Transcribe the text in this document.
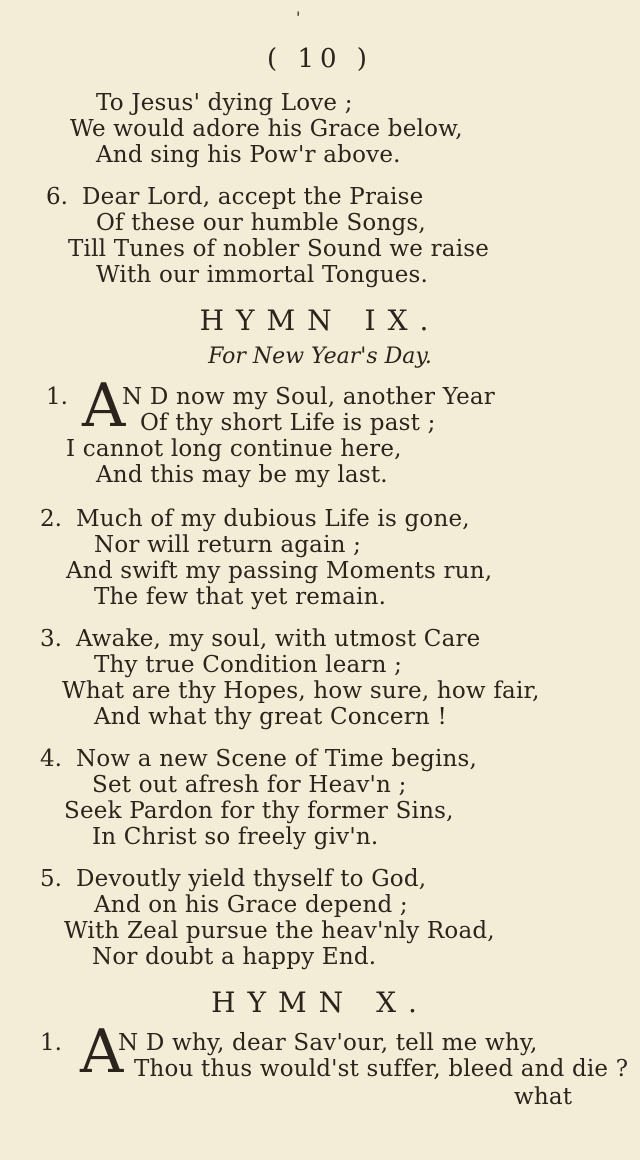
'
( 10 )
To Jesus' dying Love ;
We would adore his Grace below,
And sing his Pow'r above.
6. Dear Lord, accept the Praise
Of these our humble Songs,
Till Tunes of nobler Sound we raise
With our immortal Tongues.
HYMN IX.
For New Year's Day.
1. A
N D now my Soul, another Year
Of thy short Life is past ;
I cannot long continue here,
And this may be my last.
2. Much of my dubious Life is gone,
Nor will return again ;
And swift my passing Moments run,
The few that yet remain.
3. Awake, my soul, with utmost Care
Thy true Condition learn ;
What are thy Hopes, how sure, how fair,
And what thy great Concern !
4. Now a new Scene of Time begins,
Set out afresh for Heav'n ;
Seek Pardon for thy former Sins,
In Christ so freely giv'n.
5. Devoutly yield thyself to God,
And on his Grace depend ;
With Zeal pursue the heav'nly Road,
Nor doubt a happy End.
HYMN X.
1. A
N D why, dear Sav'our, tell me why,
Thou thus would'st suffer, bleed and die ?
what
